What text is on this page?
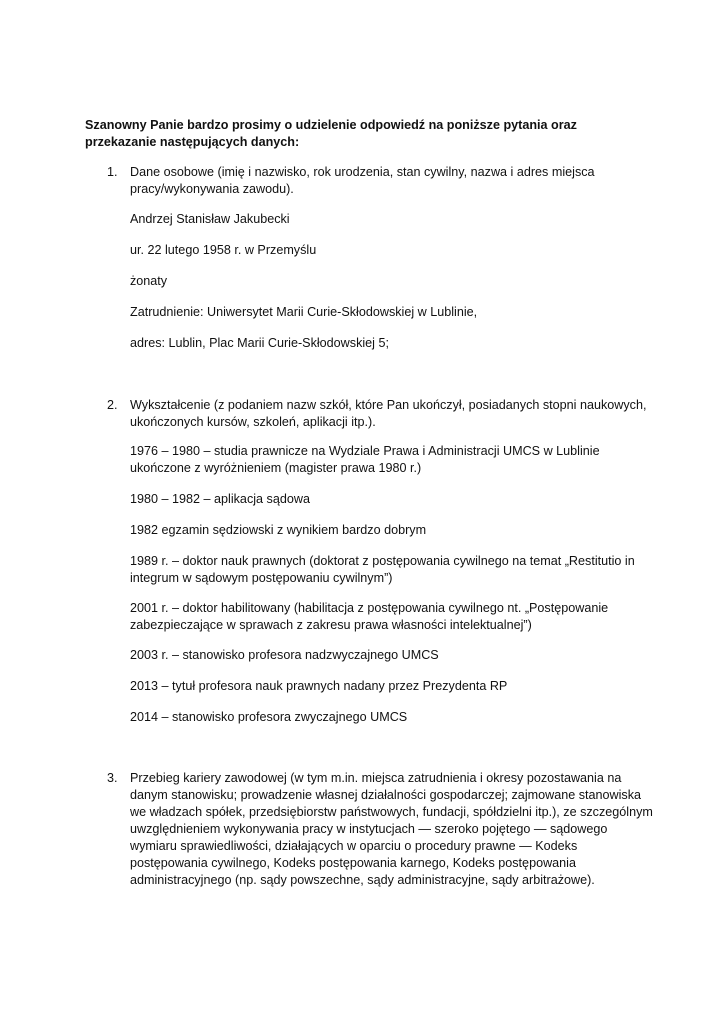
Szanowny Panie bardzo prosimy o udzielenie odpowiedź na poniższe pytania oraz przekazanie następujących danych:
1. Dane osobowe (imię i nazwisko, rok urodzenia, stan cywilny, nazwa i adres miejsca pracy/wykonywania zawodu).
Andrzej Stanisław Jakubecki
ur. 22 lutego 1958 r. w Przemyślu
żonaty
Zatrudnienie: Uniwersytet Marii Curie-Skłodowskiej w Lublinie,
adres: Lublin, Plac Marii Curie-Skłodowskiej 5;
2. Wykształcenie (z podaniem nazw szkół, które Pan ukończył, posiadanych stopni naukowych, ukończonych kursów, szkoleń, aplikacji itp.).
1976 – 1980 – studia prawnicze na Wydziale Prawa i Administracji UMCS w Lublinie ukończone z wyróżnieniem (magister prawa 1980 r.)
1980 – 1982 – aplikacja sądowa
1982 egzamin sędziowski z wynikiem bardzo dobrym
1989 r. – doktor nauk prawnych (doktorat z postępowania cywilnego na temat „Restitutio in integrum w sądowym postępowaniu cywilnym”)
2001 r. – doktor habilitowany (habilitacja z postępowania cywilnego nt. „Postępowanie zabezpieczające w sprawach z zakresu prawa własności intelektualnej”)
2003 r. – stanowisko profesora nadzwyczajnego UMCS
2013 – tytuł profesora nauk prawnych nadany przez Prezydenta RP
2014 – stanowisko profesora zwyczajnego UMCS
3. Przebieg kariery zawodowej (w tym m.in. miejsca zatrudnienia i okresy pozostawania na danym stanowisku; prowadzenie własnej działalności gospodarczej; zajmowane stanowiska we władzach spółek, przedsiębiorstw państwowych, fundacji, spółdzielni itp.), ze szczególnym uwzględnieniem wykonywania pracy w instytucjach — szeroko pojętego — sądowego wymiaru sprawiedliwości, działających w oparciu o procedury prawne — Kodeks postępowania cywilnego, Kodeks postępowania karnego, Kodeks postępowania administracyjnego (np. sądy powszechne, sądy administracyjne, sądy arbitrażowe).
